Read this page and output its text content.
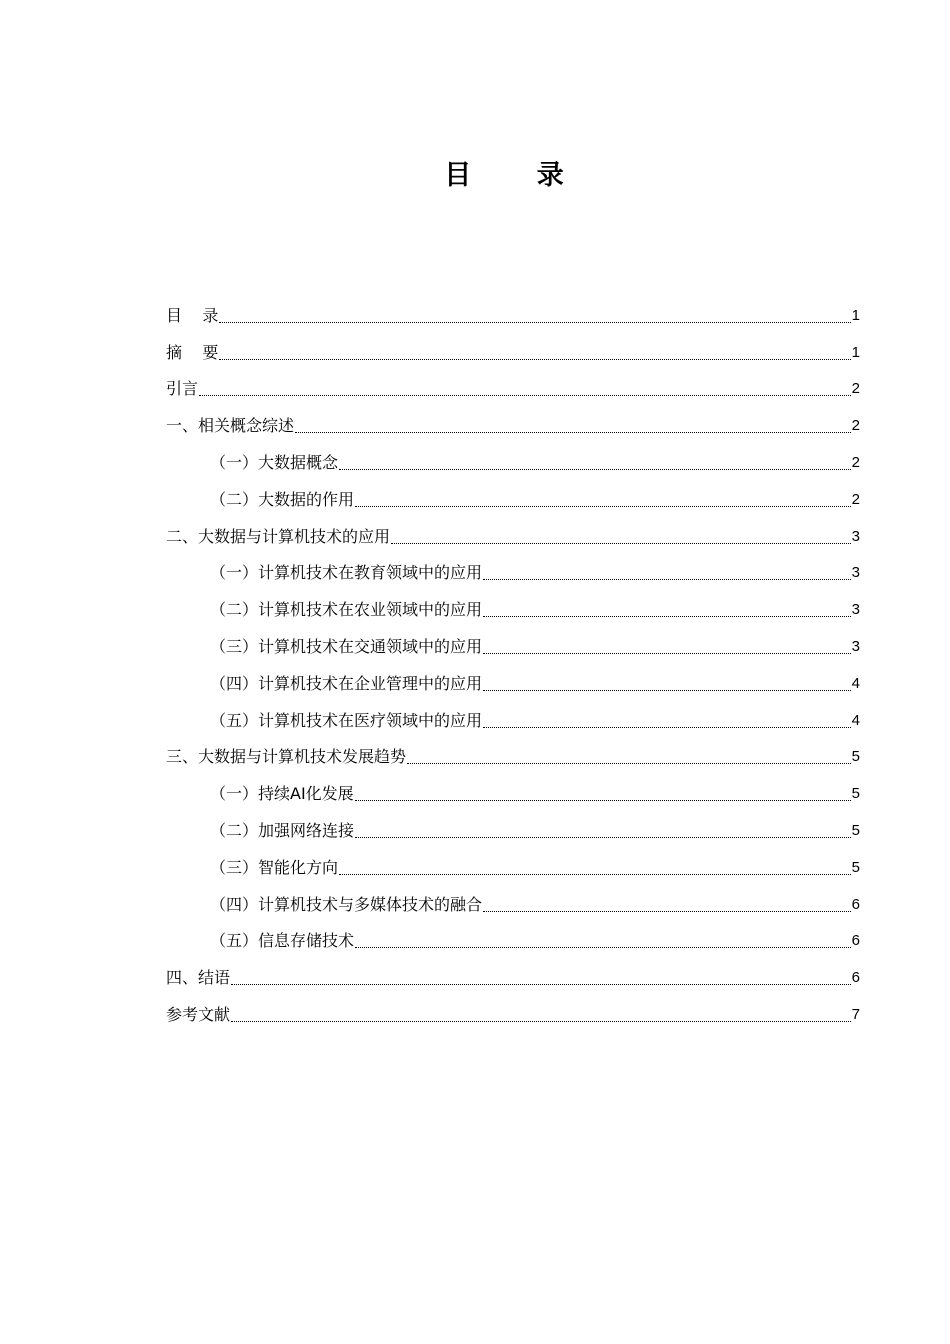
目 录
目    录	1
摘    要	1
引言	2
一、相关概念综述	2
（一）大数据概念	2
（二）大数据的作用	2
二、大数据与计算机技术的应用	3
（一）计算机技术在教育领域中的应用	3
（二）计算机技术在农业领域中的应用	3
（三）计算机技术在交通领域中的应用	3
（四）计算机技术在企业管理中的应用	4
（五）计算机技术在医疗领域中的应用	4
三、大数据与计算机技术发展趋势	5
（一）持续AI化发展	5
（二）加强网络连接	5
（三）智能化方向	5
（四）计算机技术与多媒体技术的融合	6
（五）信息存储技术	6
四、结语	6
参考文献	7
